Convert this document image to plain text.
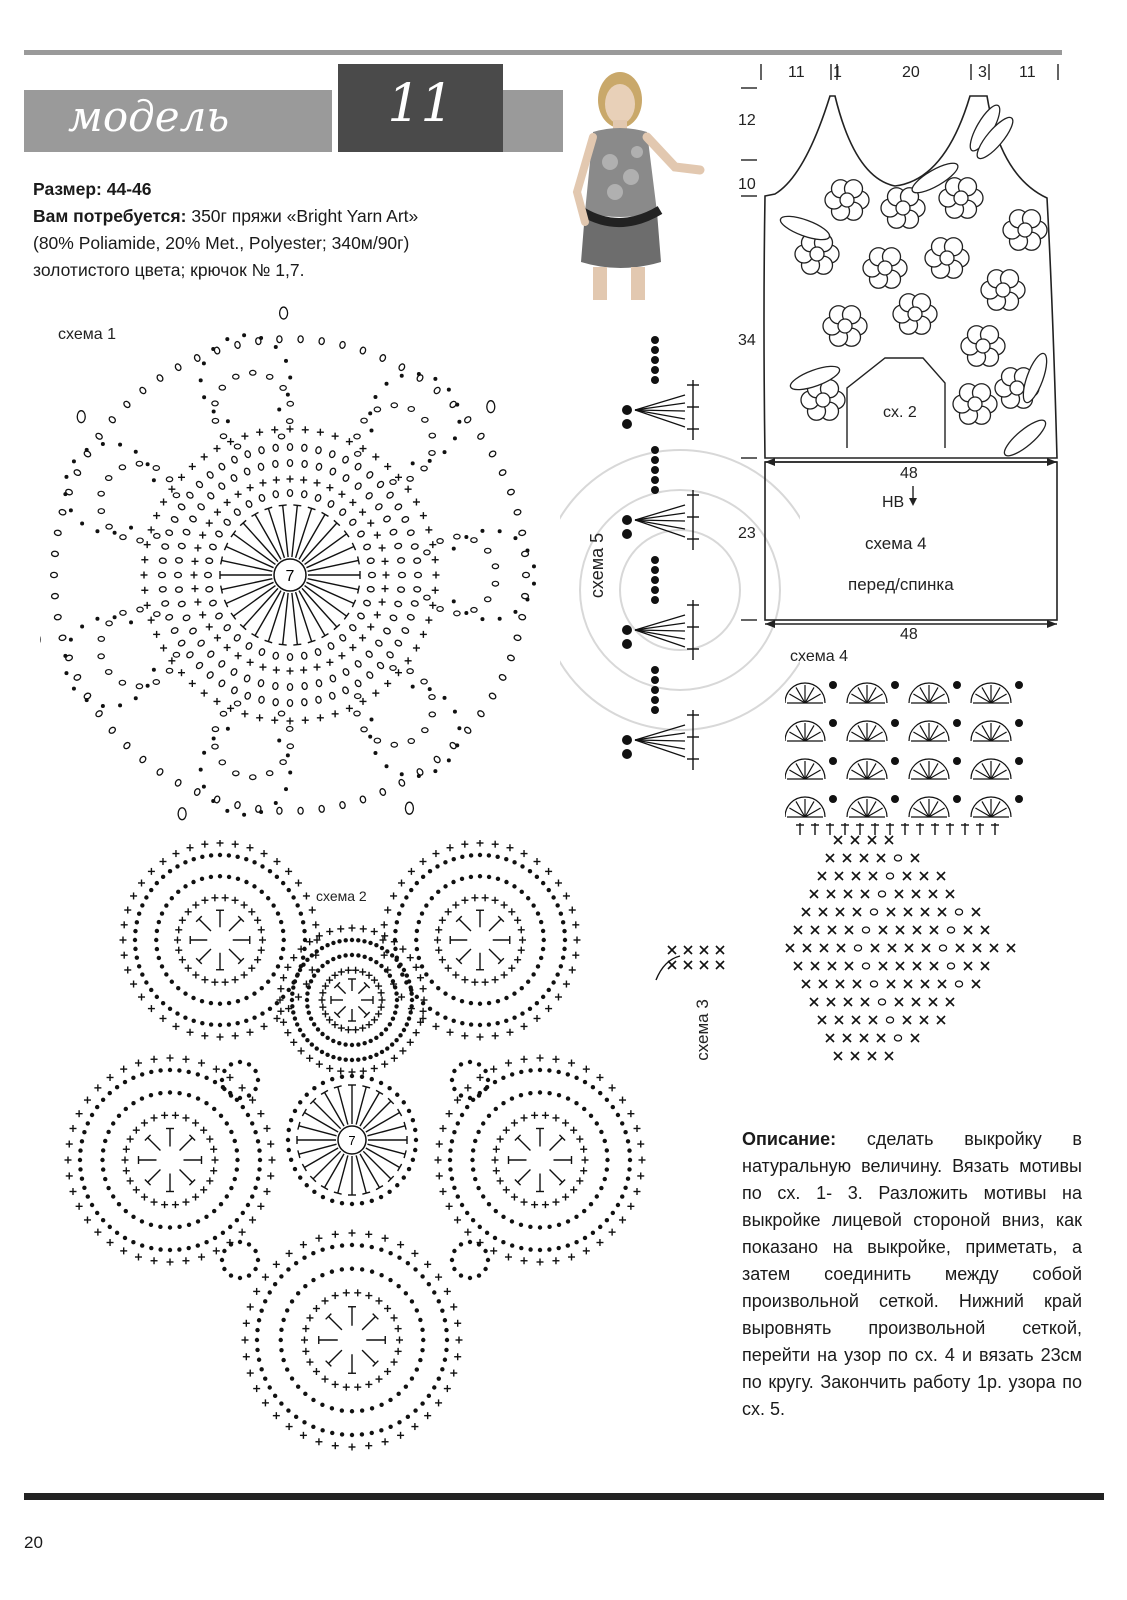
модель	11
Размер: 44-46
Вам потребуется: 350г пряжи «Bright Yarn Art»
(80% Poliamide, 20% Met., Polyester; 340м/90г)
золотистого цвета; крючок № 1,7.
схема 1
7	схема 5
11 1	20	3 11
12
10
34
23
48
48
сх. 2
НВ
схема 4
перед/спинка
схема 4
схема 3
схема 2
7	Описание: сделать выкройку в натуральную величину. Вязать мотивы по сх. 1- 3. Разложить мотивы на выкройке лицевой стороной вниз, как показано на выкройке, приметать, а затем соединить между собой произвольной сеткой. Нижний край выровнять произвольной сеткой, перейти на узор по сх. 4 и вязать 23см по кругу. Закончить работу 1р. узора по сх. 5.
20
